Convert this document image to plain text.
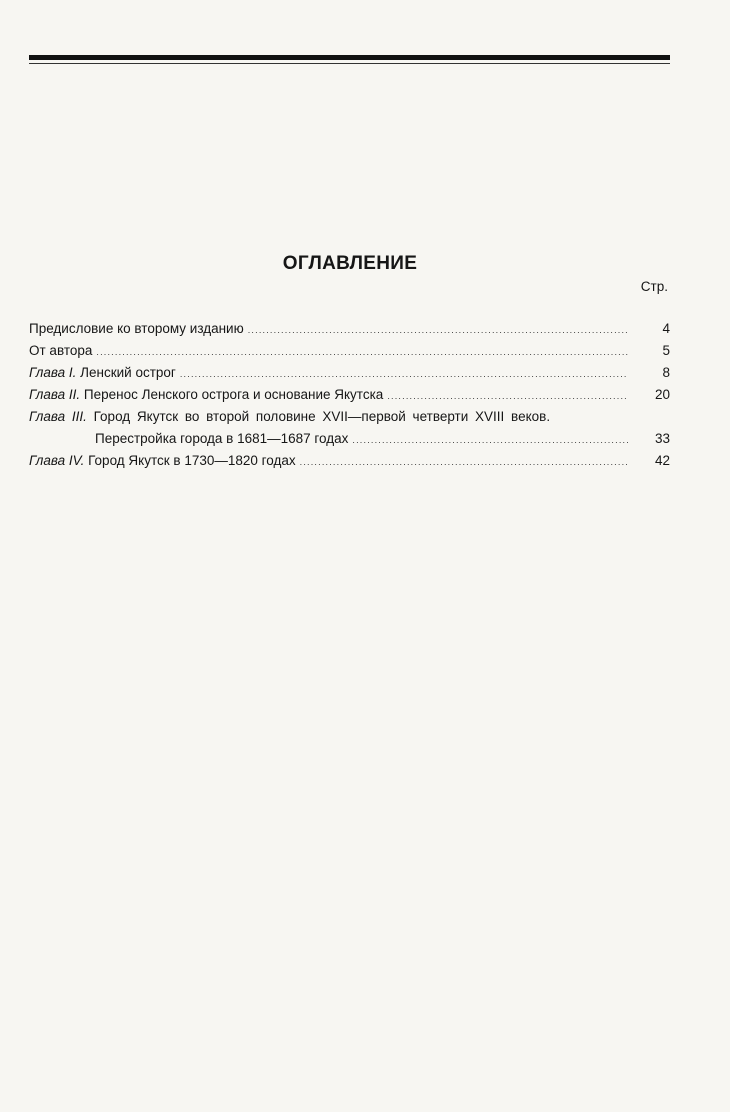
ОГЛАВЛЕНИЕ
Стр.
Предисловие ко второму изданию .....	4
От автора .....	5
Глава I. Ленский острог .....	8
Глава II. Перенос Ленского острога и основание Якутска .....	20
Глава III. Город Якутск во второй половине XVII—первой четверти XVIII веков.
Перестройка города в 1681—1687 годах .....	33
Глава IV. Город Якутск в 1730—1820 годах .....	42
